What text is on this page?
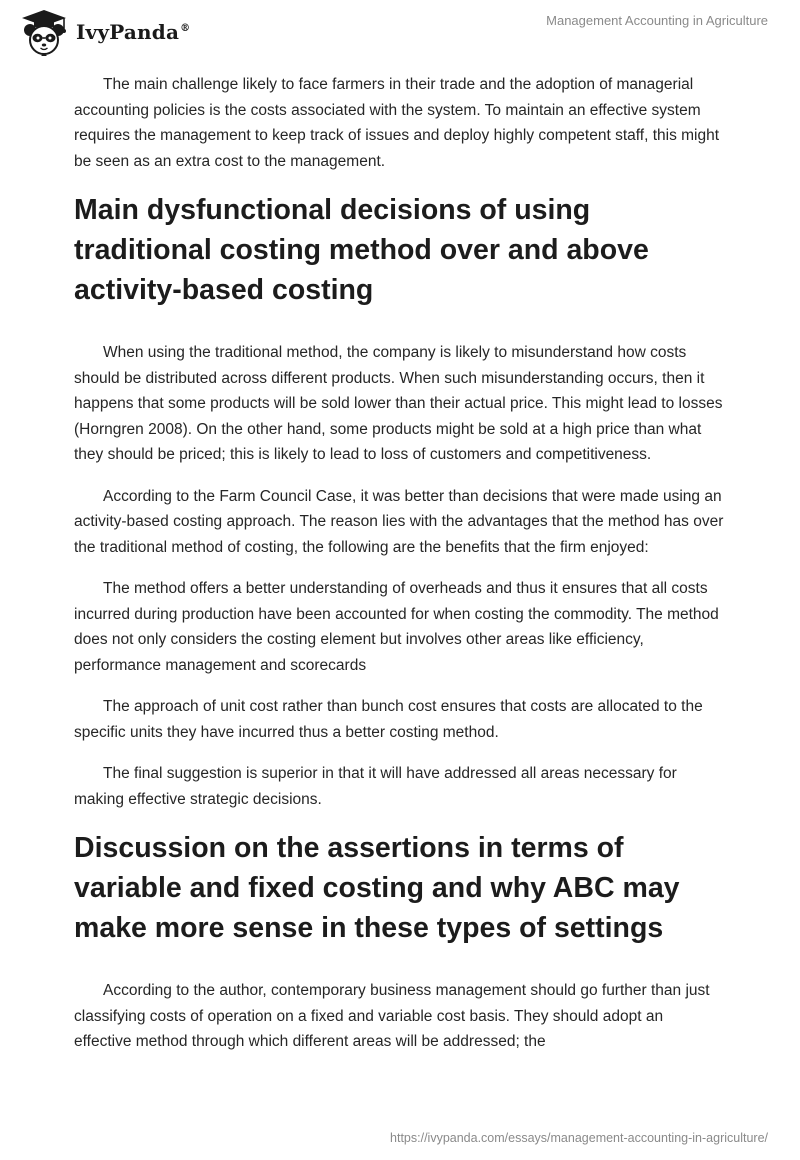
IvyPanda®
Management Accounting in Agriculture

The main challenge likely to face farmers in their trade and the adoption of managerial accounting policies is the costs associated with the system. To maintain an effective system requires the management to keep track of issues and deploy highly competent staff, this might be seen as an extra cost to the management.

Main dysfunctional decisions of using traditional costing method over and above activity-based costing

When using the traditional method, the company is likely to misunderstand how costs should be distributed across different products. When such misunderstanding occurs, then it happens that some products will be sold lower than their actual price. This might lead to losses (Horngren 2008). On the other hand, some products might be sold at a high price than what they should be priced; this is likely to lead to loss of customers and competitiveness.

According to the Farm Council Case, it was better than decisions that were made using an activity-based costing approach. The reason lies with the advantages that the method has over the traditional method of costing, the following are the benefits that the firm enjoyed:

The method offers a better understanding of overheads and thus it ensures that all costs incurred during production have been accounted for when costing the commodity. The method does not only considers the costing element but involves other areas like efficiency, performance management and scorecards

The approach of unit cost rather than bunch cost ensures that costs are allocated to the specific units they have incurred thus a better costing method.

The final suggestion is superior in that it will have addressed all areas necessary for making effective strategic decisions.

Discussion on the assertions in terms of variable and fixed costing and why ABC may make more sense in these types of settings

According to the author, contemporary business management should go further than just classifying costs of operation on a fixed and variable cost basis. They should adopt an effective method through which different areas will be addressed; the

https://ivypanda.com/essays/management-accounting-in-agriculture/
